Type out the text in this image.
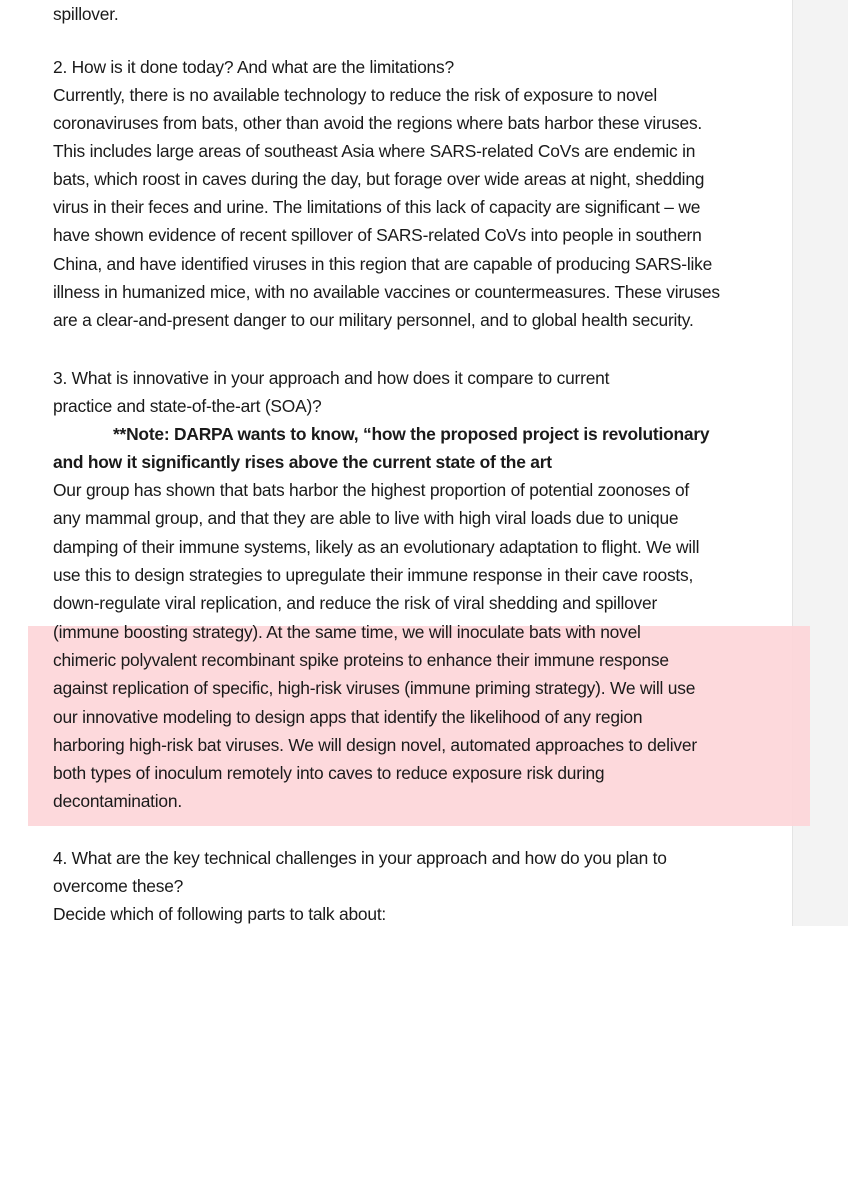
spillover.
2. How is it done today? And what are the limitations?
Currently, there is no available technology to reduce the risk of exposure to novel
coronaviruses from bats, other than avoid the regions where bats harbor these viruses.
This includes large areas of southeast Asia where SARS-related CoVs are endemic in
bats, which roost in caves during the day, but forage over wide areas at night, shedding
virus in their feces and urine. The limitations of this lack of capacity are significant – we
have shown evidence of recent spillover of SARS-related CoVs into people in southern
China, and have identified viruses in this region that are capable of producing SARS-like
illness in humanized mice, with no available vaccines or countermeasures. These viruses
are a clear-and-present danger to our military personnel, and to global health security.
3. What is innovative in your approach and how does it compare to current
practice and state-of-the-art (SOA)?
**Note: DARPA wants to know, “how the proposed project is revolutionary
and how it significantly rises above the current state of the art
Our group has shown that bats harbor the highest proportion of potential zoonoses of
any mammal group, and that they are able to live with high viral loads due to unique
damping of their immune systems, likely as an evolutionary adaptation to flight. We will
use this to design strategies to upregulate their immune response in their cave roosts,
down-regulate viral replication, and reduce the risk of viral shedding and spillover
(immune boosting strategy). At the same time, we will inoculate bats with novel
chimeric polyvalent recombinant spike proteins to enhance their immune response
against replication of specific, high-risk viruses (immune priming strategy). We will use
our innovative modeling to design apps that identify the likelihood of any region
harboring high-risk bat viruses. We will design novel, automated approaches to deliver
both types of inoculum remotely into caves to reduce exposure risk during
decontamination.
4. What are the key technical challenges in your approach and how do you plan to
overcome these?
Decide which of following parts to talk about:
